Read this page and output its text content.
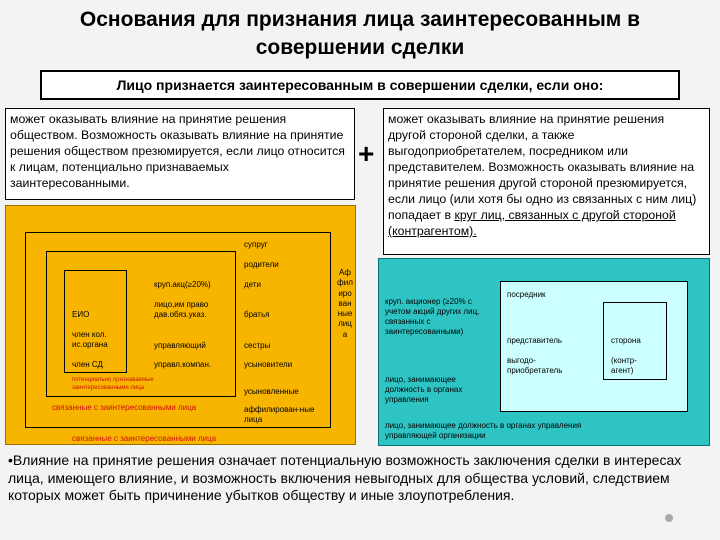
Основания для признания лица заинтересованным в совершении сделки
Лицо признается заинтересованным в совершении сделки, если оно:
может оказывать влияние на принятие решения обществом. Возможность оказывать влияние на принятие решения обществом презюмируется, если лицо относится к лицам, потенциально признаваемых заинтересованными.
+
может оказывать влияние на принятие решения другой стороной сделки, а также выгодоприобретателем, посредником или представителем. Возможность оказывать влияние на принятие решения другой стороной презюмируется, если лицо (или хотя бы одно из связанных с ним лиц) попадает в круг лиц, связанных с другой стороной (контрагентом).
супруг
родители
дети
братья
сестры
усыновители
усыновленные
аффилирован-ные лица
ЕИО
член кол. ис.органа
член СД
круп.акц(≥20%)
лицо,им право дав.обяз.указ.
управляющий
управл.компан.
потенциально признаваемые заинтересованными лица
связанные с заинтересованными лица
связанные с заинтересованными лица
Аффилированные лица
круп. акционер (≥20% с учетом акций других лиц, связанных с заинтересованными)
лицо, занимающее должность в органах управления
лицо, занимающее должность в органах управления управляющей организации
посредник
представитель
выгодо-приобретатель
сторона
(контр-агент)
•Влияние на принятие решения означает потенциальную возможность заключения сделки в интересах лица, имеющего влияние, и возможность включения невыгодных для общества условий, следствием которых может быть причинение убытков обществу и иные злоупотребления.
